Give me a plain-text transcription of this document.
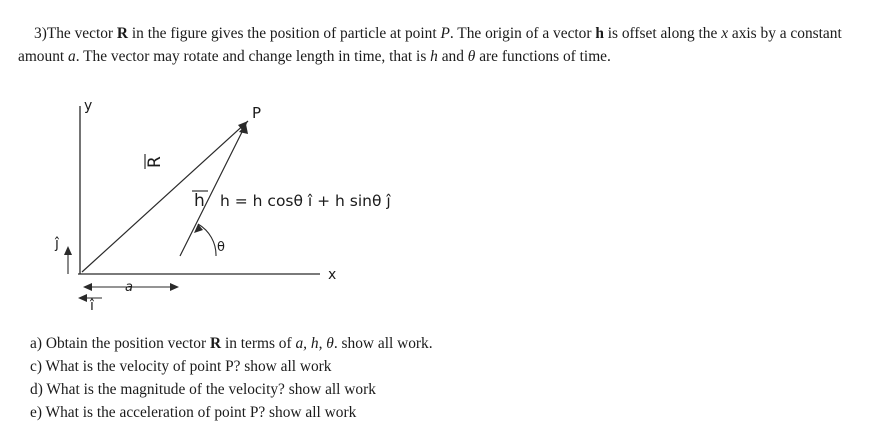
3)The vector R in the figure gives the position of particle at point P. The origin of a vector h is offset along the x axis by a constant amount a. The vector may rotate and change length in time, that is h and θ are functions of time.
R
h h = h cosθ î + h sinθ ĵ
y
x
P
θ
a
î
ĵ
a) Obtain the position vector R in terms of a, h, θ. show all work.
c) What is the velocity of point P? show all work
d) What is the magnitude of the velocity? show all work
e) What is the acceleration of point P? show all work
